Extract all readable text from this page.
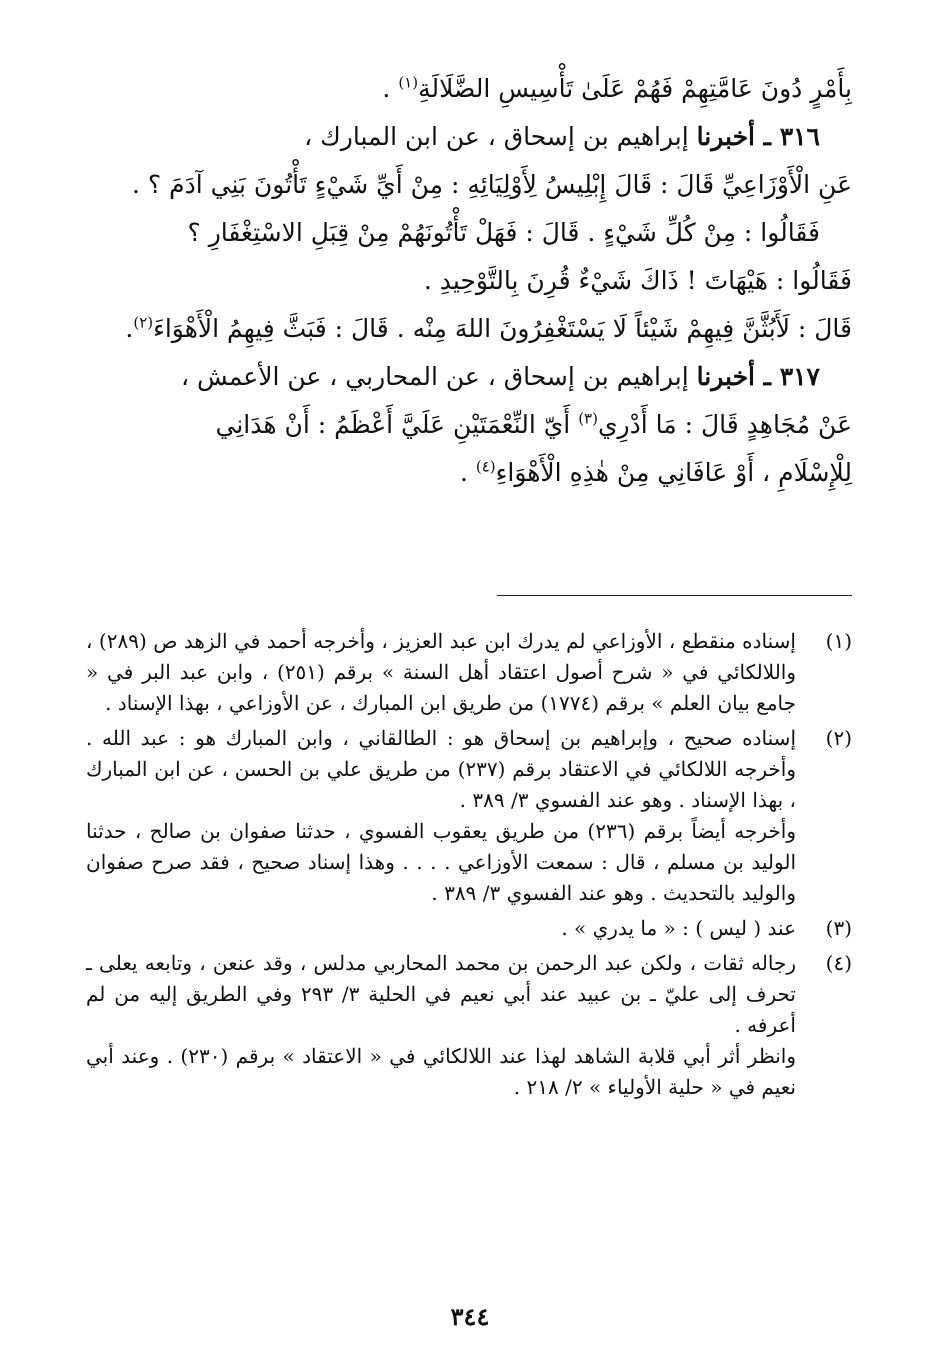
بِأَمْرٍ دُونَ عَامَّتِهِمْ فَهُمْ عَلَىٰ تَأْسِيسِ الضَّلَالَةِ$^{(١)}$ .
٣١٦ ـ أخبرنا إبراهيم بن إسحاق ، عن ابن المبارك ،
عَنِ الْأَوْزَاعِيِّ قَالَ : قَالَ إِبْلِيسُ لِأَوْلِيَائِهِ : مِنْ أَيِّ شَيْءٍ تَأْتُونَ بَنِي آدَمَ ؟ .
فَقَالُوا : مِنْ كُلِّ شَيْءٍ . قَالَ : فَهَلْ تَأْتُونَهُمْ مِنْ قِبَلِ الاسْتِغْفَارِ ؟
فَقَالُوا : هَيْهَاتَ ! ذَاكَ شَيْءٌ قُرِنَ بِالتَّوْحِيدِ .
قَالَ : لَأَبُثَّنَّ فِيهِمْ شَيْئاً لَا يَسْتَغْفِرُونَ اللهَ مِنْه . قَالَ : فَبَثَّ فِيهِمُ الْأَهْوَاءَ$^{(٢)}$.
٣١٧ ـ أخبرنا إبراهيم بن إسحاق ، عن المحاربي ، عن الأعمش ،
عَنْ مُجَاهِدٍ قَالَ : مَا أَدْرِي$^{(٣)}$ أَيّ النِّعْمَتَيْنِ عَلَيَّ أَعْظَمُ : أَنْ هَدَانِي
لِلْإِسْلَامِ ، أَوْ عَافَانِي مِنْ هٰذِهِ الْأَهْوَاءِ$^{(٤)}$ .
(١)

إسناده منقطع ، الأوزاعي لم يدرك ابن عبد العزيز ، وأخرجه أحمد في الزهد ص (٢٨٩) ، واللالكائي في « شرح أصول اعتقاد أهل السنة » برقم (٢٥١) ، وابن عبد البر في « جامع بيان العلم » برقم (١٧٧٤) من طريق ابن المبارك ، عن الأوزاعي ، بهذا الإسناد .

(٢)

إسناده صحيح ، وإبراهيم بن إسحاق هو : الطالقاني ، وابن المبارك هو : عبد الله . وأخرجه اللالكائي في الاعتقاد برقم (٢٣٧) من طريق علي بن الحسن ، عن ابن المبارك ، بهذا الإسناد . وهو عند الفسوي ٣/ ٣٨٩ .

وأخرجه أيضاً برقم (٢٣٦) من طريق يعقوب الفسوي ، حدثنا صفوان بن صالح ، حدثنا الوليد بن مسلم ، قال : سمعت الأوزاعي . . . . وهذا إسناد صحيح ، فقد صرح صفوان والوليد بالتحديث . وهو عند الفسوي ٣/ ٣٨٩ .

(٣)

عند ( ليس ) : « ما يدري » .

(٤)

رجاله ثقات ، ولكن عبد الرحمن بن محمد المحاربي مدلس ، وقد عنعن ، وتابعه يعلى ـ تحرف إلى عليّ ـ بن عبيد عند أبي نعيم في الحلية ٣/ ٢٩٣ وفي الطريق إليه من لم أعرفه .

وانظر أثر أبي قلابة الشاهد لهذا عند اللالكائي في « الاعتقاد » برقم (٢٣٠) . وعند أبي نعيم في « حلية الأولياء » ٢/ ٢١٨ .

٣٤٤
